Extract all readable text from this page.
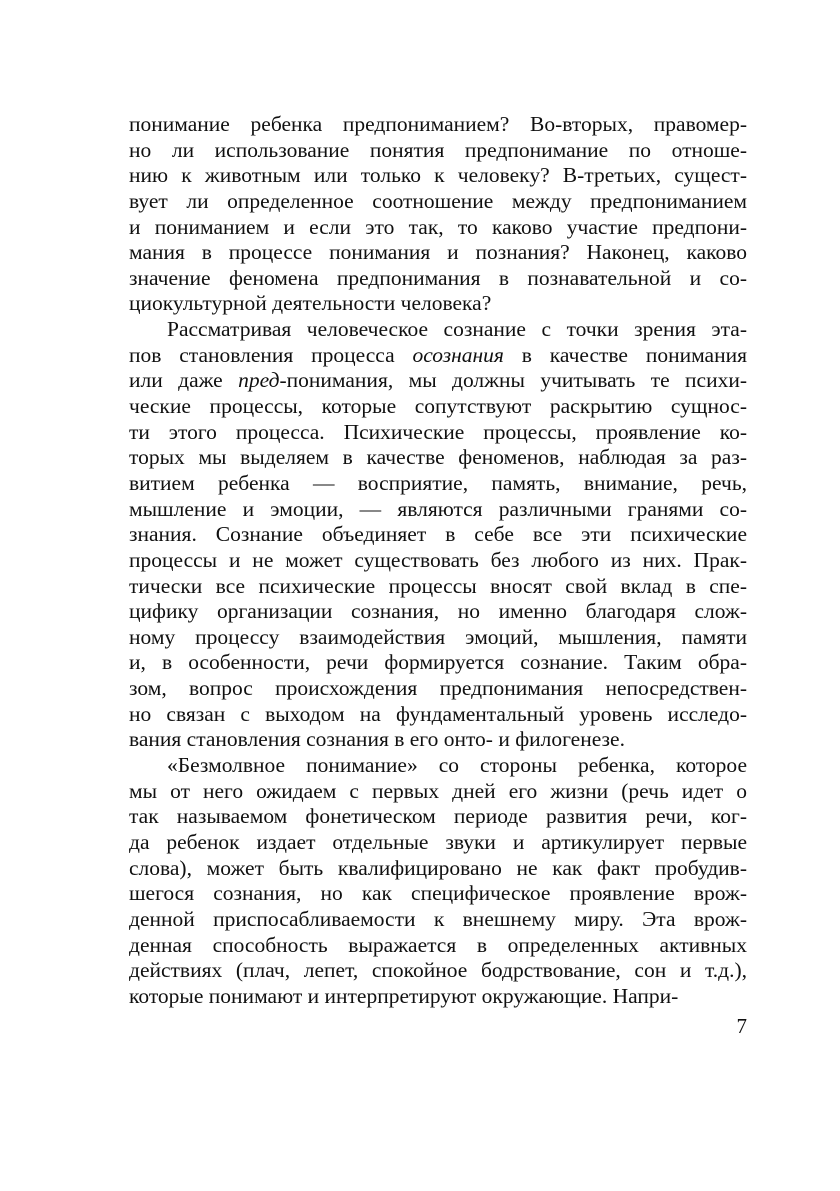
понимание ребенка предпониманием? Во-вторых, правомер-
но ли использование понятия предпонимание по отноше-
нию к животным или только к человеку? В-третьих, сущест-
вует ли определенное соотношение между предпониманием
и пониманием и если это так, то каково участие предпони-
мания в процессе понимания и познания? Наконец, каково
значение феномена предпонимания в познавательной и со-
циокультурной деятельности человека?
Рассматривая человеческое сознание с точки зрения эта-
пов становления процесса осознания в качестве понимания
или даже пред-понимания, мы должны учитывать те психи-
ческие процессы, которые сопутствуют раскрытию сущнос-
ти этого процесса. Психические процессы, проявление ко-
торых мы выделяем в качестве феноменов, наблюдая за раз-
витием ребенка — восприятие, память, внимание, речь,
мышление и эмоции, — являются различными гранями со-
знания. Сознание объединяет в себе все эти психические
процессы и не может существовать без любого из них. Прак-
тически все психические процессы вносят свой вклад в спе-
цифику организации сознания, но именно благодаря слож-
ному процессу взаимодействия эмоций, мышления, памяти
и, в особенности, речи формируется сознание. Таким обра-
зом, вопрос происхождения предпонимания непосредствен-
но связан с выходом на фундаментальный уровень исследо-
вания становления сознания в его онто- и филогенезе.
«Безмолвное понимание» со стороны ребенка, которое
мы от него ожидаем с первых дней его жизни (речь идет о
так называемом фонетическом периоде развития речи, ког-
да ребенок издает отдельные звуки и артикулирует первые
слова), может быть квалифицировано не как факт пробудив-
шегося сознания, но как специфическое проявление врож-
денной приспосабливаемости к внешнему миру. Эта врож-
денная способность выражается в определенных активных
действиях (плач, лепет, спокойное бодрствование, сон и т.д.),
которые понимают и интерпретируют окружающие. Напри-
7
